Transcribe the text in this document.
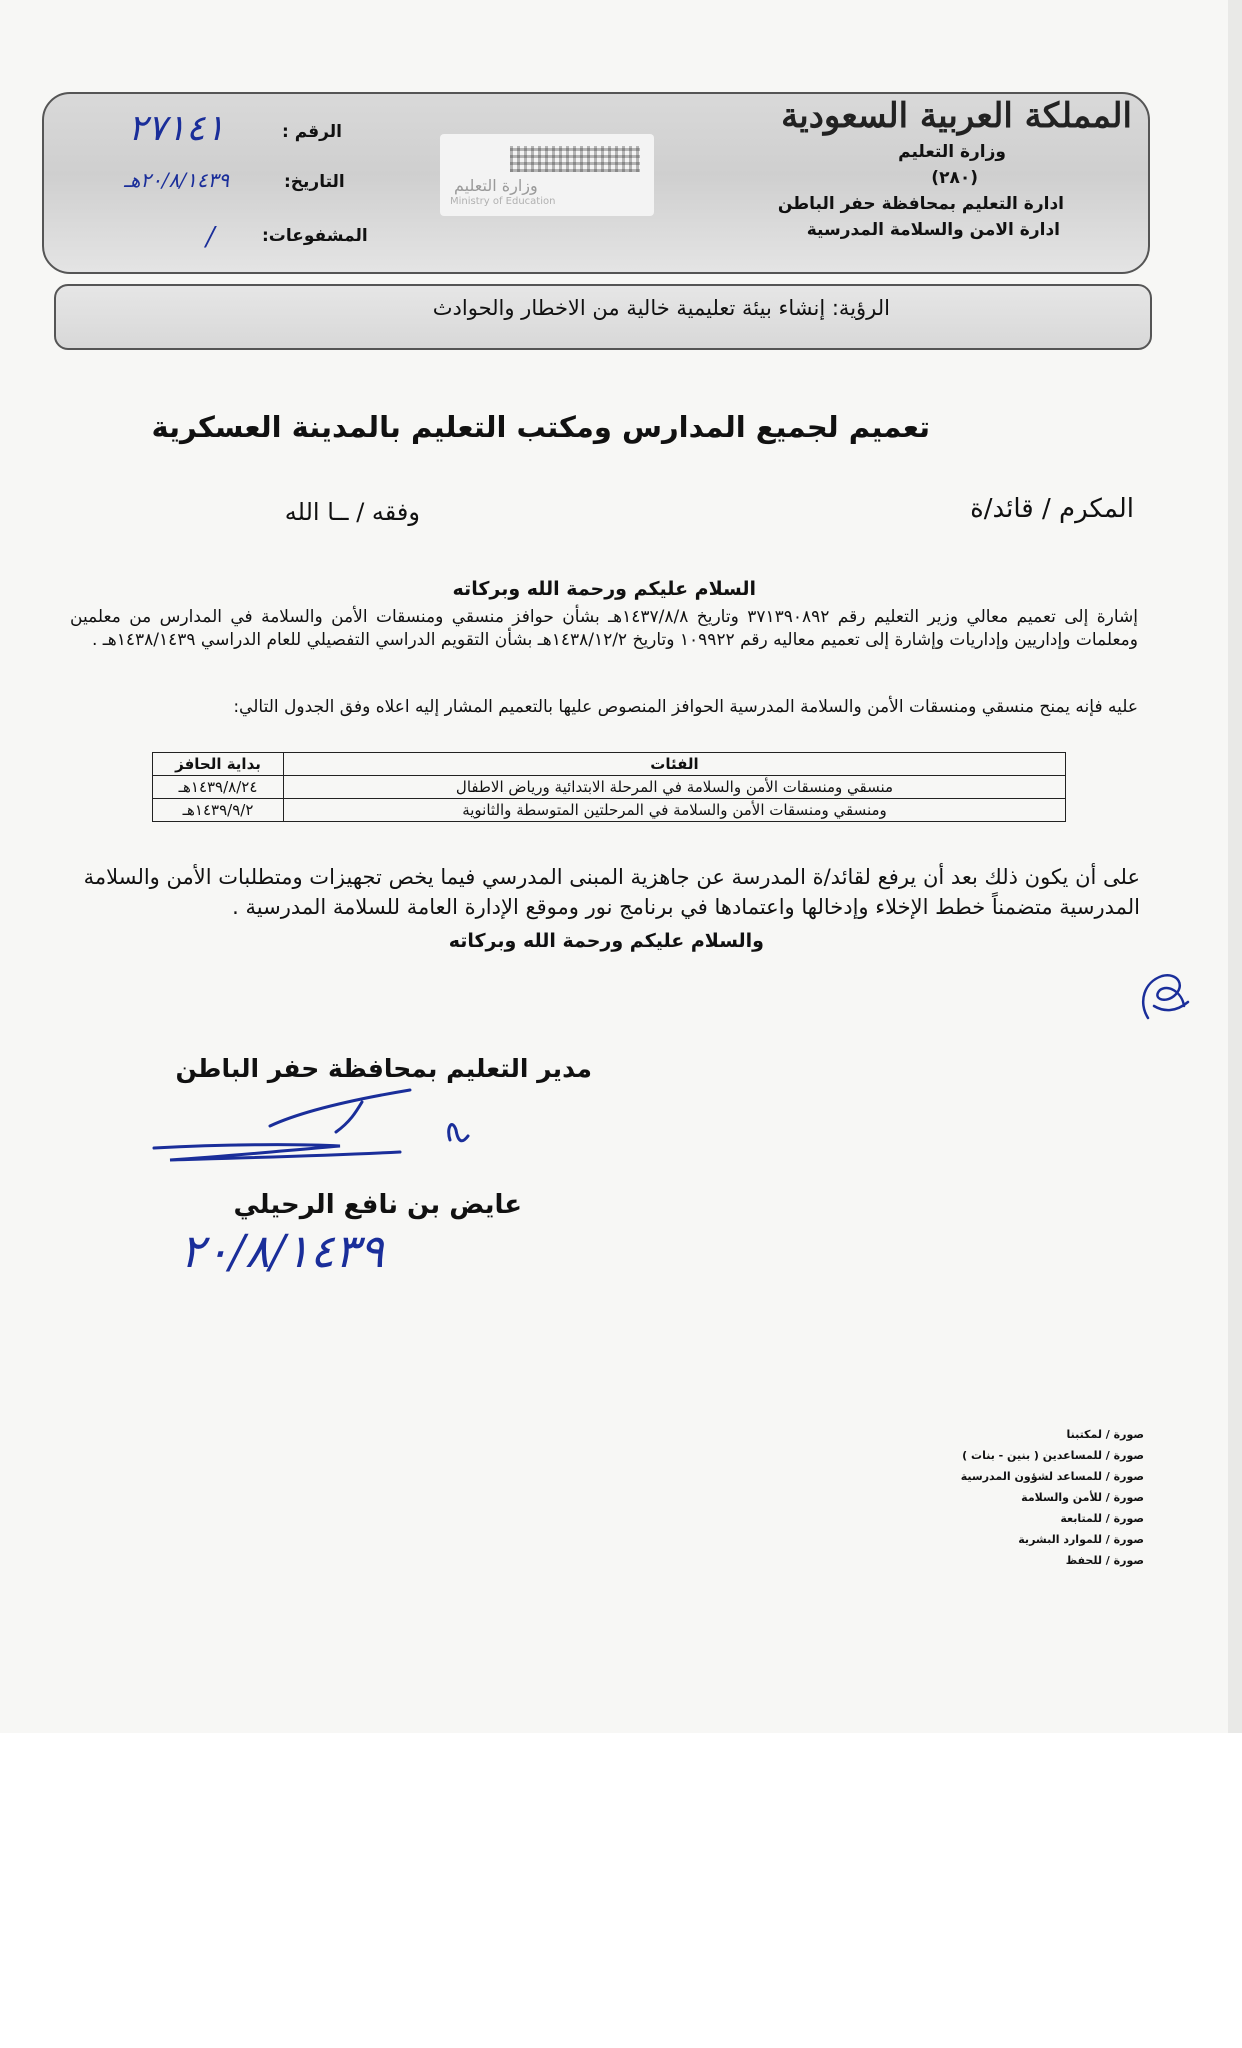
المملكة العربية السعودية
وزارة التعليم
(٢٨٠)
ادارة التعليم بمحافظة حفر الباطن
ادارة الامن والسلامة المدرسية
وزارة التعليم
Ministry of Education
الرقم :
٢٧١٤١
التاريخ:
٢٠/٨/١٤٣٩هـ
المشفوعات:
/
الرؤية: إنشاء بيئة تعليمية خالية من الاخطار والحوادث
تعميم لجميع المدارس ومكتب التعليم بالمدينة العسكرية
المكرم / قائد/ة
وفقه / ــا الله
السلام عليكم ورحمة الله وبركاته
إشارة إلى تعميم معالي وزير التعليم رقم ٣٧١٣٩٠٨٩٢ وتاريخ ١٤٣٧/٨/٨هـ بشأن حوافز منسقي ومنسقات الأمن والسلامة في المدارس من معلمين ومعلمات وإداريين وإداريات وإشارة إلى تعميم معاليه رقم ١٠٩٩٢٢ وتاريخ ١٤٣٨/١٢/٢هـ بشأن التقويم الدراسي التفصيلي للعام الدراسي ١٤٣٨/١٤٣٩هـ .
عليه فإنه يمنح منسقي ومنسقات الأمن والسلامة المدرسية الحوافز المنصوص عليها بالتعميم المشار إليه اعلاه وفق الجدول التالي:
الفئات	بداية الحافز
منسقي ومنسقات الأمن والسلامة في المرحلة الابتدائية ورياض الاطفال	١٤٣٩/٨/٢٤هـ
ومنسقي ومنسقات الأمن والسلامة في المرحلتين المتوسطة والثانوية	١٤٣٩/٩/٢هـ
على أن يكون ذلك بعد أن يرفع لقائد/ة المدرسة عن جاهزية المبنى المدرسي فيما يخص تجهيزات ومتطلبات الأمن والسلامة المدرسية متضمناً خطط الإخلاء وإدخالها واعتمادها في برنامج نور وموقع الإدارة العامة للسلامة المدرسية .
والسلام عليكم ورحمة الله وبركاته
مدير التعليم بمحافظة حفر الباطن
عايض بن نافع الرحيلي
٢٠/٨/١٤٣٩
صورة / لمكتبنا
صورة / للمساعدين ( بنين - بنات )
صورة / للمساعد لشؤون المدرسية
صورة / للأمن والسلامة
صورة / للمتابعة
صورة / للموارد البشرية
صورة / للحفظ
